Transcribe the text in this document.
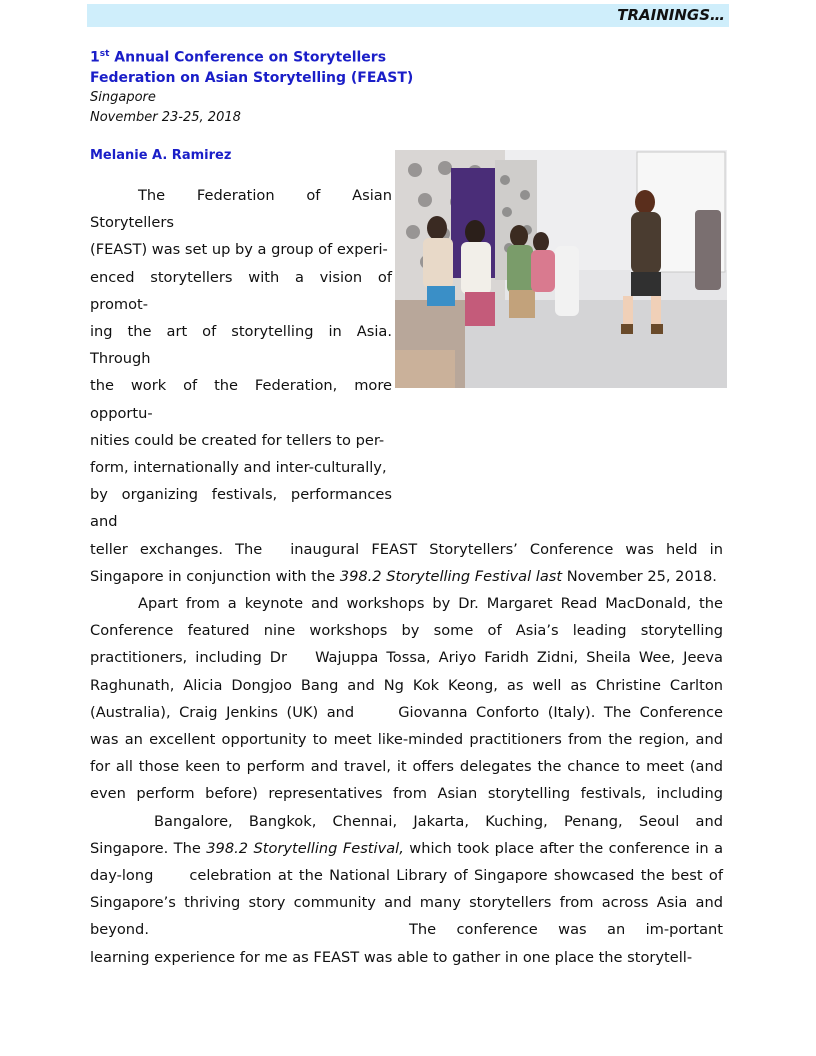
TRAININGS…
1st Annual Conference on Storytellers
Federation on Asian Storytelling (FEAST)
Singapore
November 23-25, 2018
Melanie A. Ramirez

The Federation of Asian Storytellers

(FEAST) was set up by a group of experi-

enced storytellers with a vision of promot-

ing the art of storytelling in Asia. Through

the work of the Federation, more opportu-

nities could be created for tellers to per-

form, internationally and inter-culturally,

by organizing festivals, performances and

teller exchanges. The inaugural FEAST Storytellers’ Conference was held in Singapore in conjunction with the 398.2 Storytelling Festival last November 25, 2018.

Apart from a keynote and workshops by Dr. Margaret Read MacDonald, the Conference featured nine workshops by some of Asia’s leading storytelling practitioners, including Dr Wajuppa Tossa, Ariyo Faridh Zidni, Sheila Wee, Jeeva Raghunath, Alicia Dongjoo Bang and Ng Kok Keong, as well as Christine Carlton (Australia), Craig Jenkins (UK) and	Giovanna Conforto (Italy). The Conference was an excellent opportunity to meet like-minded practitioners from the region, and for all those keen to perform and travel, it offers delegates the chance to meet (and even perform before) representatives from Asian storytelling festivals, includingBangalore, Bangkok, Chennai, Jakarta, Kuching, Penang, Seoul and Singapore. The 398.2 Storytelling Festival, which took place after the conference in a day-long celebration at the National Library of Singapore showcased the best of Singapore’s thriving story community and many storytellers from across Asia and beyond.	The conference was an im-portant learning experience for me as FEAST was able to gather in one place the storytell-
